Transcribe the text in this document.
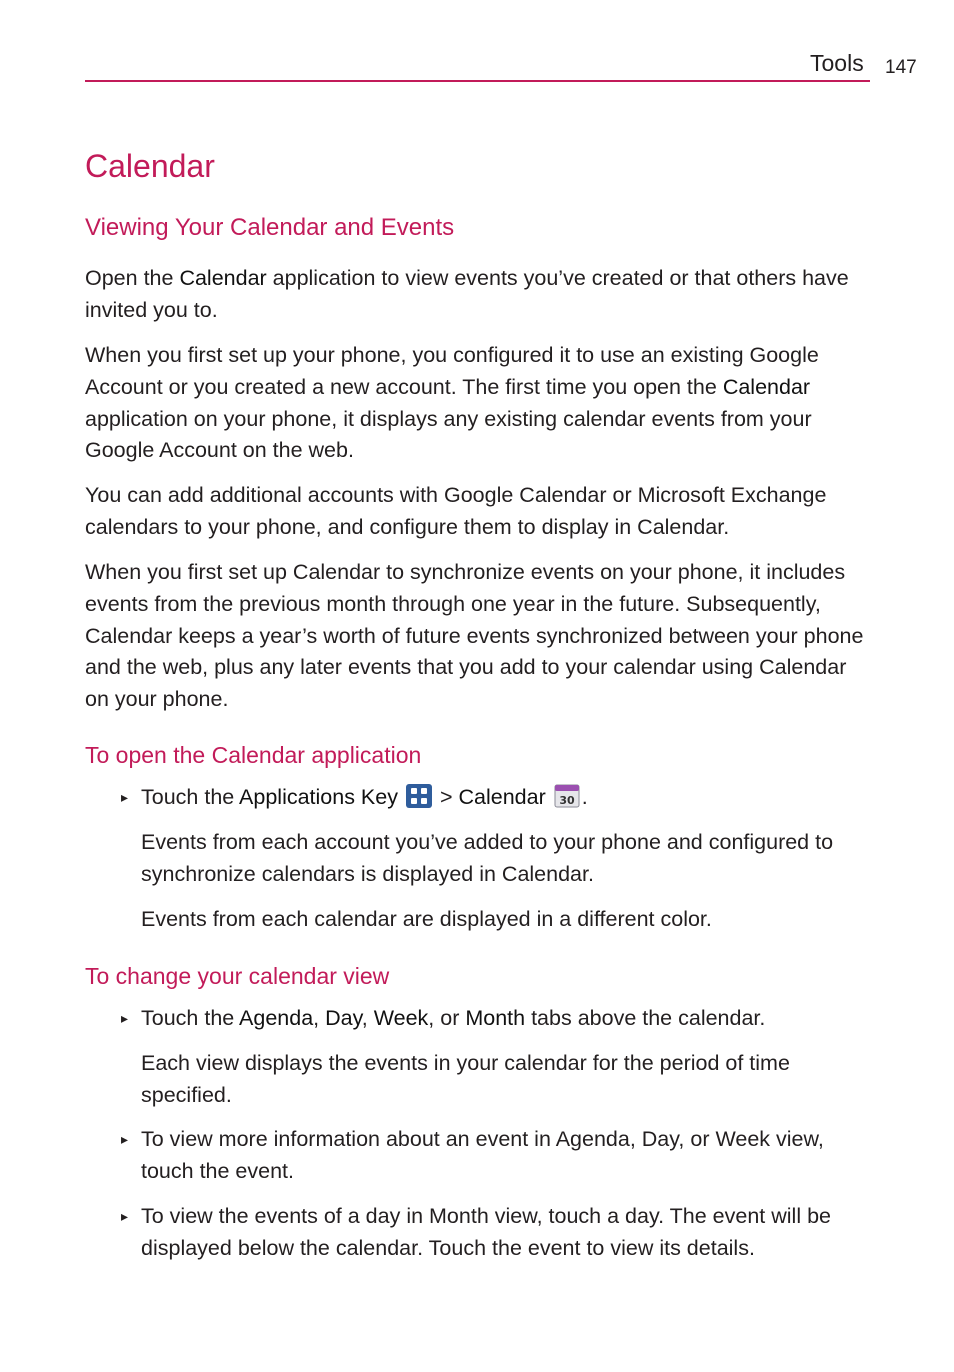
Tools 147
Calendar
Viewing Your Calendar and Events

Open the Calendar application to view events you’ve created or that others have invited you to.

When you first set up your phone, you configured it to use an existing Google Account or you created a new account. The first time you open the Calendar application on your phone, it displays any existing calendar events from your Google Account on the web.

You can add additional accounts with Google Calendar or Microsoft Exchange calendars to your phone, and configure them to display in Calendar.

When you first set up Calendar to synchronize events on your phone, it includes events from the previous month through one year in the future. Subsequently, Calendar keeps a year’s worth of future events synchronized between your phone and the web, plus any later events that you add to your calendar using Calendar on your phone.

To open the Calendar application
▸ Touch the Applications Key  > Calendar 30 .

Events from each account you’ve added to your phone and configured to synchronize calendars is displayed in Calendar.

Events from each calendar are displayed in a different color.

To change your calendar view
▸ Touch the Agenda, Day, Week, or Month tabs above the calendar.

Each view displays the events in your calendar for the period of time specified.

▸ To view more information about an event in Agenda, Day, or Week view, touch the event.

▸ To view the events of a day in Month view, touch a day. The event will be displayed below the calendar. Touch the event to view its details.
